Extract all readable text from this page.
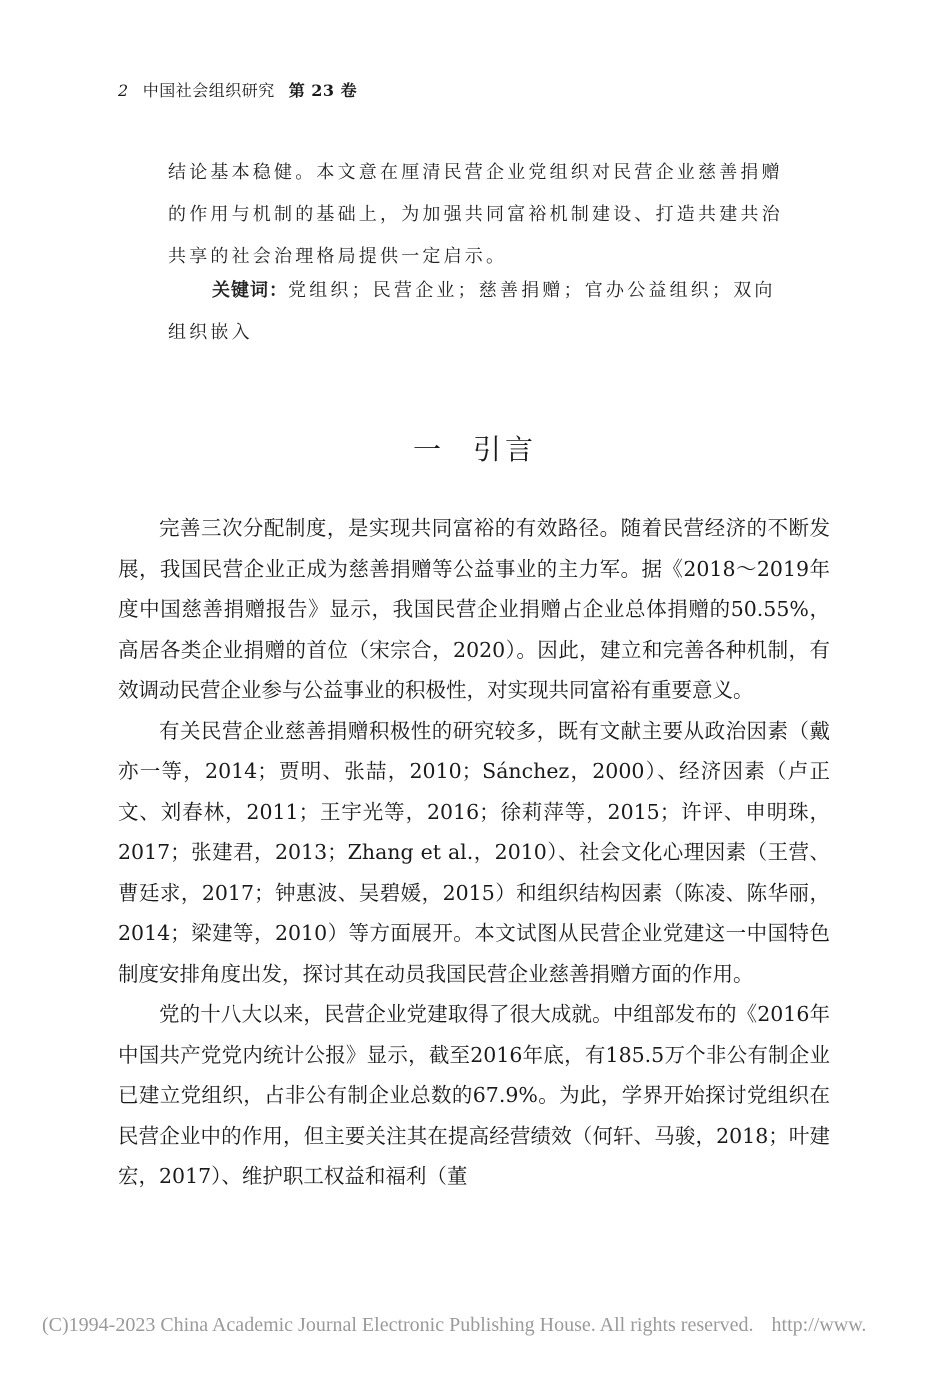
2 中国社会组织研究 第 23 卷

结论基本稳健。本文意在厘清民营企业党组织对民营企业慈善捐赠的作用与机制的基础上，为加强共同富裕机制建设、打造共建共治共享的社会治理格局提供一定启示。

关键词：党组织；民营企业；慈善捐赠；官办公益组织；双向组织嵌入
一 引言

完善三次分配制度，是实现共同富裕的有效路径。随着民营经济的不断发展，我国民营企业正成为慈善捐赠等公益事业的主力军。据《2018～2019年度中国慈善捐赠报告》显示，我国民营企业捐赠占企业总体捐赠的50.55%，高居各类企业捐赠的首位（宋宗合，2020）。因此，建立和完善各种机制，有效调动民营企业参与公益事业的积极性，对实现共同富裕有重要意义。

有关民营企业慈善捐赠积极性的研究较多，既有文献主要从政治因素（戴亦一等，2014；贾明、张喆，2010；Sánchez，2000）、经济因素（卢正文、刘春林，2011；王宇光等，2016；徐莉萍等，2015；许评、申明珠，2017；张建君，2013；Zhang et al.，2010）、社会文化心理因素（王营、曹廷求，2017；钟惠波、吴碧媛，2015）和组织结构因素（陈凌、陈华丽，2014；梁建等，2010）等方面展开。本文试图从民营企业党建这一中国特色制度安排角度出发，探讨其在动员我国民营企业慈善捐赠方面的作用。

党的十八大以来，民营企业党建取得了很大成就。中组部发布的《2016年中国共产党党内统计公报》显示，截至2016年底，有185.5万个非公有制企业已建立党组织，占非公有制企业总数的67.9%。为此，学界开始探讨党组织在民营企业中的作用，但主要关注其在提高经营绩效（何轩、马骏，2018；叶建宏，2017）、维护职工权益和福利（董

(C)1994-2023 China Academic Journal Electronic Publishing House. All rights reserved. http://www.
